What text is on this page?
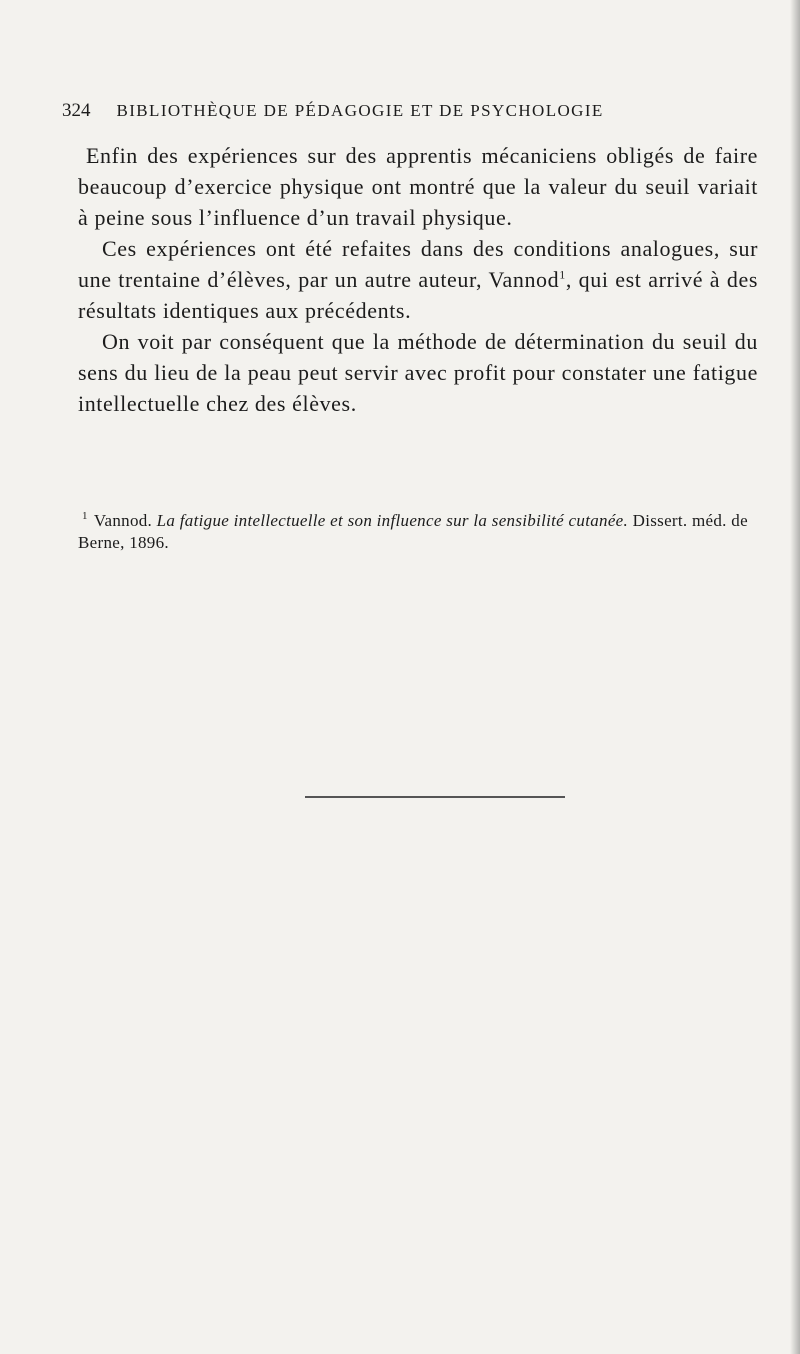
324 BIBLIOTHÈQUE DE PÉDAGOGIE ET DE PSYCHOLOGIE

Enfin des expériences sur des apprentis mécaniciens obligés de faire beaucoup d’exercice physique ont montré que la valeur du seuil variait à peine sous l’influence d’un travail physique.

Ces expériences ont été refaites dans des conditions analogues, sur une trentaine d’élèves, par un autre auteur, Vannod$^1$, qui est arrivé à des résultats identiques aux précédents.

On voit par conséquent que la méthode de détermination du seuil du sens du lieu de la peau peut servir avec profit pour constater une fatigue intellectuelle chez des élèves.

$^1$ Vannod. La fatigue intellectuelle et son influence sur la sensibilité cutanée. Dissert. méd. de Berne, 1896.
